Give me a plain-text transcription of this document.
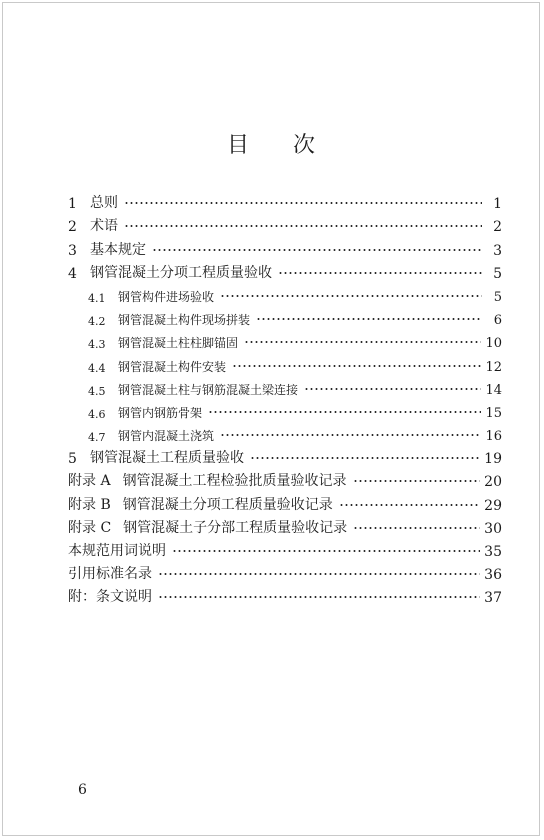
目 次
1 总则	1
2 术语	2
3 基本规定	3
4 钢管混凝土分项工程质量验收	5
4.1	钢管构件进场验收	5
4.2	钢管混凝土构件现场拼装	6
4.3	钢管混凝土柱柱脚锚固	10
4.4	钢管混凝土构件安装	12
4.5	钢管混凝土柱与钢筋混凝土梁连接	14
4.6	钢管内钢筋骨架	15
4.7	钢管内混凝土浇筑	16
5 钢管混凝土工程质量验收	19
附录 A 钢管混凝土工程检验批质量验收记录	20
附录 B 钢管混凝土分项工程质量验收记录	29
附录 C 钢管混凝土子分部工程质量验收记录	30
本规范用词说明	35
引用标准名录	36
附：条文说明	37
6
